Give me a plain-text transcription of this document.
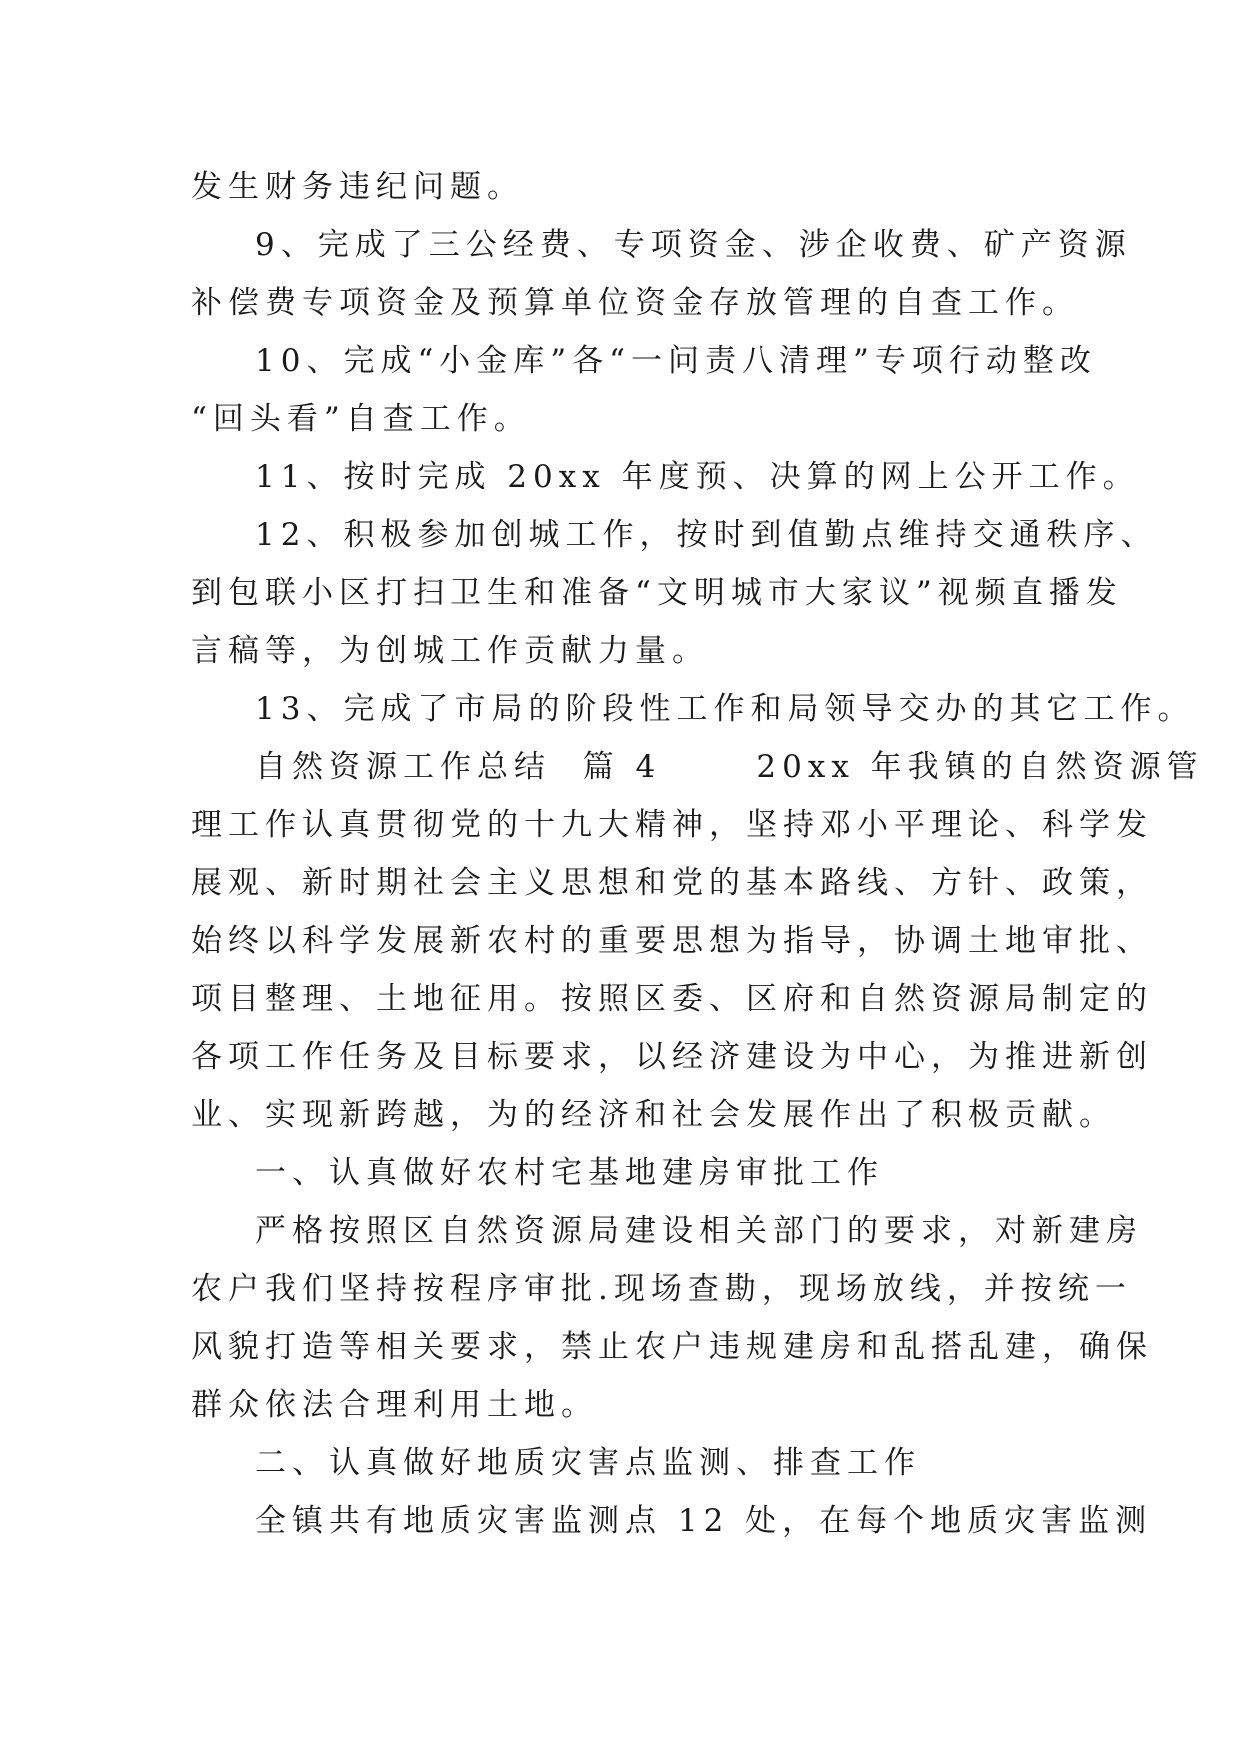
发生财务违纪问题。

9、完成了三公经费、专项资金、涉企收费、矿产资源

补偿费专项资金及预算单位资金存放管理的自查工作。

10、完成“小金库”各“一问责八清理”专项行动整改

“回头看”自查工作。

11、按时完成 20xx 年度预、决算的网上公开工作。

12、积极参加创城工作，按时到值勤点维持交通秩序、

到包联小区打扫卫生和准备“文明城市大家议”视频直播发

言稿等，为创城工作贡献力量。

13、完成了市局的阶段性工作和局领导交办的其它工作。

自然资源工作总结  篇 4      20xx 年我镇的自然资源管

理工作认真贯彻党的十九大精神，坚持邓小平理论、科学发

展观、新时期社会主义思想和党的基本路线、方针、政策，

始终以科学发展新农村的重要思想为指导，协调土地审批、

项目整理、土地征用。按照区委、区府和自然资源局制定的

各项工作任务及目标要求，以经济建设为中心，为推进新创

业、实现新跨越，为的经济和社会发展作出了积极贡献。

一、认真做好农村宅基地建房审批工作

严格按照区自然资源局建设相关部门的要求，对新建房

农户我们坚持按程序审批.现场查勘，现场放线，并按统一

风貌打造等相关要求，禁止农户违规建房和乱搭乱建，确保

群众依法合理利用土地。

二、认真做好地质灾害点监测、排查工作

全镇共有地质灾害监测点 12 处，在每个地质灾害监测
